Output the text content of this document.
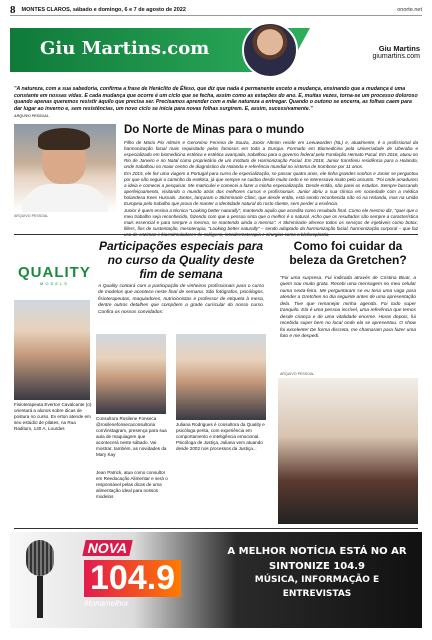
8 MONTES CLAROS, sábado e domingo, 6 e 7 de agosto de 2022	onorte.net
Giu Martins.com	Giu Martins
giumartins.com
"A natureza, com a sua sabedoria, confirma a frase de Heráclito de Éfeso, que diz que nada é permanente exceto a mudança, ensinando que a mudança é uma constante em nossas vidas. E cada mudança que ocorre é um ciclo que se fecha, assim como as estações do ano. E, muitas vezes, torna-se um processo doloroso quando apenas queremos resistir àquilo que precisa ser. Precisamos aprender com a mãe natureza a entregar. Quando o outono se encerra, as folhas caem para dar lugar ao inverno e, sem resistências, um novo ciclo se inicia para novas folhas surgirem. E, assim, sucessivamente."
ARQUIVO PESSOAL
ARQUIVO PESSOAL
Do Norte de Minas para o mundo

Filho de Mario Pio Altmim e Geronimo Ferreira de Souza, Junior Altmim reside em Leeuwarden (NL) e, atualmente, é o profissional da harmonização facial mais requisitado pelos famosos em toda a Europa. Formado em Biomedicina pela Universidade de Uberaba e especializado em biomedicina estética e estética avançada, trabalhou para o governo federal pela Fundação Hemato Pacal. Em 2016, atuou no Rio de Janeiro e no Natal como proprietário de um Instituto de Harmonização Facial. Em 2018, Junior transferiu residência para a Holanda, onde trabalhou no maior centro de diagnóstico da Holanda e referência mundial no sistema de trombose por 11 anos.

Em 2015, ele fez uma viagem a Portugal para curso de especialização, se passar quatro anos, ele tinha grandes sonhos e Junior se perguntou por que não seguir o caminho da estética, já que sempre se cuidou desde muito cedo e se interessava muito pelo assunto. "Foi onde amadureci a ideia e comecei a pesquisar. Me matriculei e comecei a fazer a minha especialização. Desde então, não parei os estudos. Sempre buscando aperfeiçoamento, visitando o mundo atrás dos melhores cursos e profissionais. Junior abriu a sua clínica em sociedade com a médica holandesa Kees Hussain. Juntos, lançaram o Skinmiracle Clinic, que desde então, está sendo reconhecida não só na Holanda, mas na União Europeia pelo trabalho que prova de manter a identidade natural do rosto cliente, sem perder a essência.

Junior é quem ensina a técnica "Looking better naturally", mantendo aquilo que acredita como resultado final. Como ele mesmo diz, "quer que o meu trabalho seja reconhecido, fazendo com que a pessoa sinta que o melhor é o natural. Acho que os resultados são sempre a característica mais essencial e para sempre a mesma, se mantendo ainda a mesma". A Skinmiracle oferece todos os serviços de injetáveis como botox, fillers, fios de sustentação, mesoterapia, "Looking better naturally" – sendo adaptado da harmonização facial, harmonização corporal – que faz uso de enzimas e bioestimuladores de colágeno, intradermoterapia e cirurgias como a blefaroplastia.

QUALITY
MODELS
Participações especiais para no curso da Quality deste fim de semana
A Quality contará com a participação de vinheiros profissionais para o curso de modelos que acontece neste final de semana. São fotógrafos, psicólogos, fisioterapeutas, maquiadores, nutricionistas e professor de etiqueta à mesa, dentre outros detalhes que compõem a grade curricular do nosso curso. Confira os nossos convidados:
Fisioterapeuta Everton Cavalcante (o) orientará a alunos sobre dicas de postura no curso. Ev erton atende em seu estúdio de pilates, na Rua Raditum, 140 A, Lourdes
Consultora Rosilene Fonseca @rosilenefonsecaconsultoria com/instagram, presença para sua aula de maquiagem que acontecerá neste sábado. Vai mostrar, também, as novidades da Mary Kay
Jean Patrick, atua como consultor em Reeducação Alimentar e será o responsável pelas dicas de uma alimentação ideal para nossos modelos
Juliana Rodrigues é consultora da Quality e psicóloga perita, com experiência em comportamento e inteligência emocional. Psicóloga de Justiça, Juliana vem atuando desde 2002 nos processos da Justiça...
Como foi cuidar da beleza da Gretchen?
"Foi uma surpresa. Fui indicada através de Cristina Bivar, a quem sou muito grata. Recebi uma mensagem no meu celular numa sexta-feira. Me perguntaram se eu teria uma vaga para atender a Gretchen no dia seguinte antes de uma apresentação dela. Tive que remanejar minha agenda. Foi tudo super tranquilo. Ela é uma pessoa incrível, uma referência que temos desde criança e de uma vitalidade enorme. Horas depois, fui recebida super bem no local onde ela se apresentou. O show foi excelente! De forma discreta, me chamaram para fazer uma foto e me despedi.
ARQUIVO PESSOAL
NOVA
104.9
#tonamelhor
A MELHOR NOTÍCIA ESTÁ NO AR
SINTONIZE 104.9
MÚSICA, INFORMAÇÃO E ENTREVISTAS
